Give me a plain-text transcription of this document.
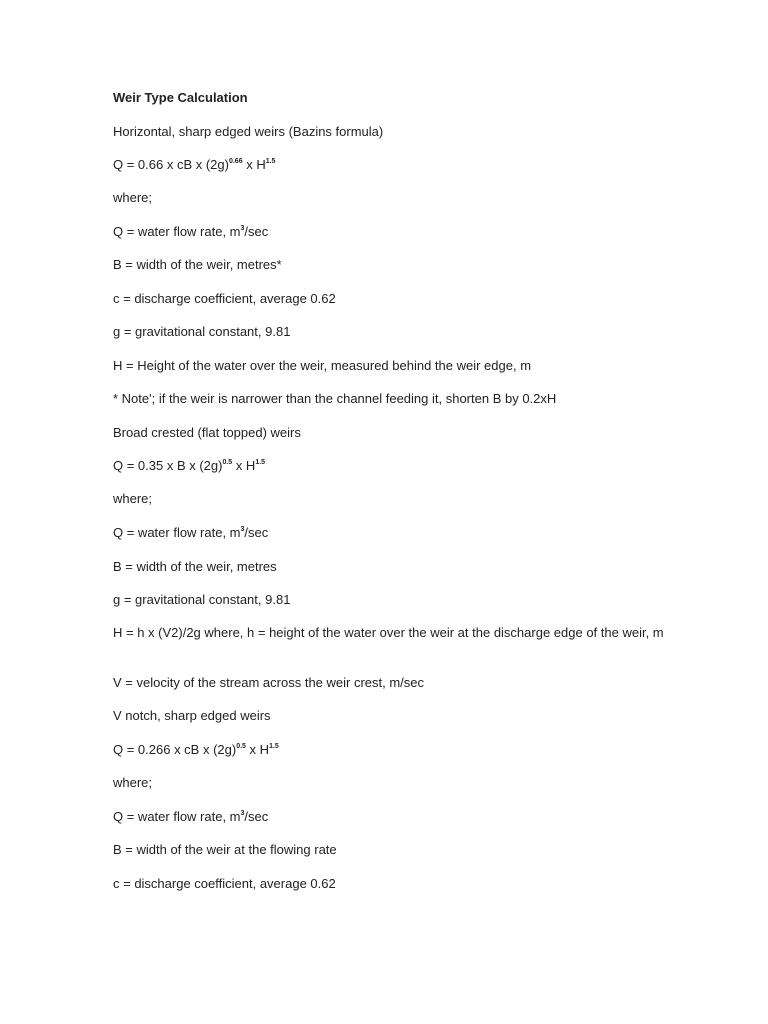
Weir Type Calculation
Horizontal, sharp edged weirs (Bazins formula)
Q = 0.66 x cB x $(2g)^{0.66}$ x $H^{1.5}$
where;
Q = water flow rate, $m^3/\sec$
B = width of the weir, metres*
c = discharge coefficient, average 0.62
g = gravitational constant, 9.81
H = Height of the water over the weir, measured behind the weir edge, m
* Note'; if the weir is narrower than the channel feeding it, shorten B by 0.2xH
Broad crested (flat topped) weirs
Q = 0.35 x B x $(2g)^{0.5}$ x $H^{1.5}$
where;
Q = water flow rate, $m^3/\sec$
B = width of the weir, metres
g = gravitational constant, 9.81
H = h x (V2)/2g where, h = height of the water over the weir at the discharge edge of the weir, m
V = velocity of the stream across the weir crest, m/sec
V notch, sharp edged weirs
Q = 0.266 x cB x $(2g)^{0.5}$ x $H^{1.5}$
where;
Q = water flow rate, $m^3/\sec$
B = width of the weir at the flowing rate
c = discharge coefficient, average 0.62
